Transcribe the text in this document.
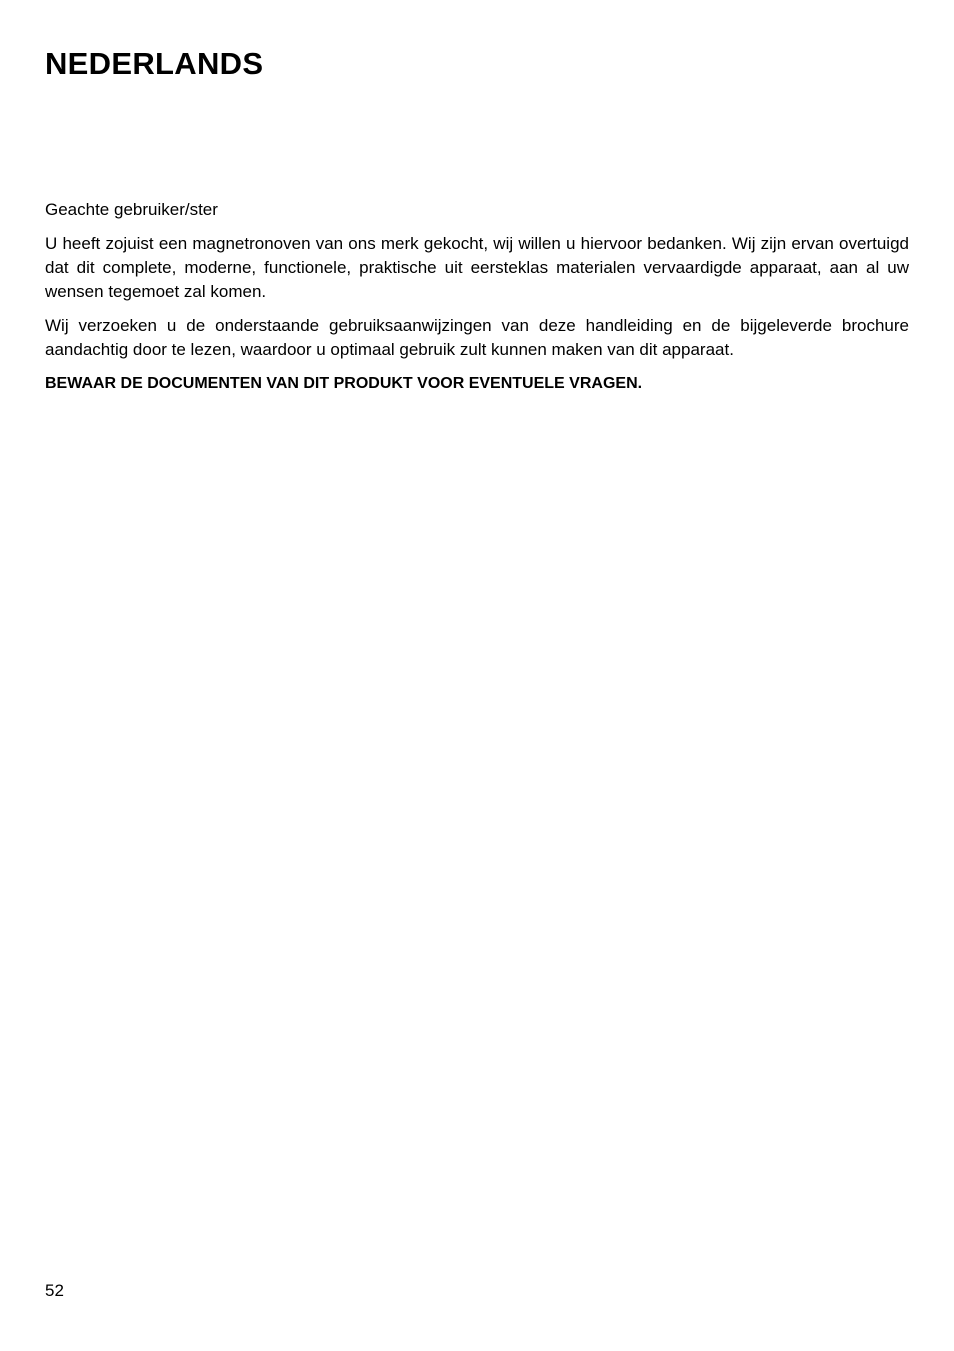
NEDERLANDS

Geachte gebruiker/ster

U heeft zojuist een magnetronoven van ons merk gekocht, wij willen u hiervoor bedanken. Wij zijn ervan overtuigd dat dit complete, moderne, functionele, praktische uit eersteklas materialen vervaardigde apparaat, aan al uw wensen tegemoet zal komen.

Wij verzoeken u de onderstaande gebruiksaanwijzingen van deze handleiding en de bijgeleverde brochure aandachtig door te lezen, waardoor u optimaal gebruik zult kunnen maken van dit apparaat.

BEWAAR DE DOCUMENTEN VAN DIT PRODUKT VOOR EVENTUELE VRAGEN.

52
